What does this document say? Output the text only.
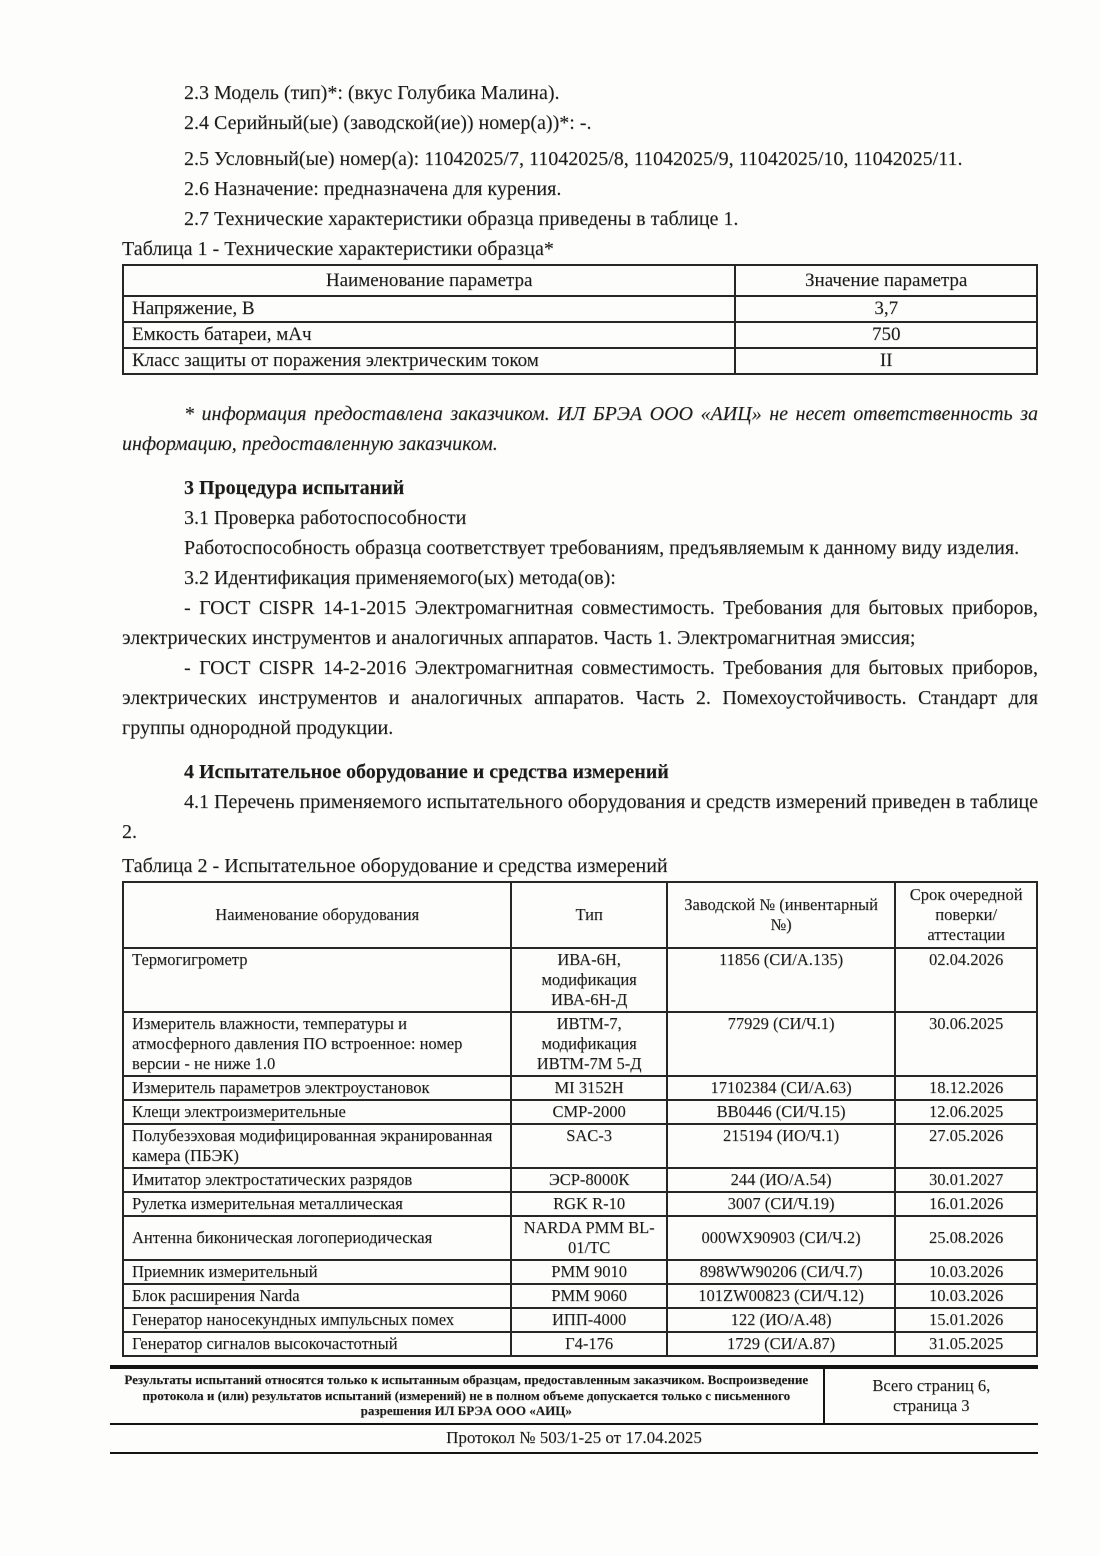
2.3 Модель (тип)*: (вкус Голубика Малина).

2.4 Серийный(ые) (заводской(ие)) номер(а))*: -.

2.5 Условный(ые) номер(а): 11042025/7, 11042025/8, 11042025/9, 11042025/10, 11042025/11.

2.6 Назначение: предназначена для курения.

2.7 Технические характеристики образца приведены в таблице 1.

Таблица 1 - Технические характеристики образца*

Наименование параметра	Значение параметра
Напряжение, В	3,7
Емкость батареи, мАч	750
Класс защиты от поражения электрическим током	II

* информация предоставлена заказчиком. ИЛ БРЭА ООО «АИЦ» не несет ответственность за информацию, предоставленную заказчиком.

3 Процедура испытаний

3.1 Проверка работоспособности

Работоспособность образца соответствует требованиям, предъявляемым к данному виду изделия.

3.2 Идентификация применяемого(ых) метода(ов):

- ГОСТ CISPR 14-1-2015 Электромагнитная совместимость. Требования для бытовых приборов, электрических инструментов и аналогичных аппаратов. Часть 1. Электромагнитная эмиссия;

- ГОСТ CISPR 14-2-2016 Электромагнитная совместимость. Требования для бытовых приборов, электрических инструментов и аналогичных аппаратов. Часть 2. Помехоустойчивость. Стандарт для группы однородной продукции.

4 Испытательное оборудование и средства измерений

4.1 Перечень применяемого испытательного оборудования и средств измерений приведен в таблице 2.

Таблица 2 - Испытательное оборудование и средства измерений

Наименование оборудования	Тип	Заводской № (инвентарный №)	Срок очередной поверки/ аттестации
Термогигрометр	ИВА-6Н, модификация ИВА-6Н-Д	11856 (СИ/А.135)	02.04.2026
Измеритель влажности, температуры и атмосферного давления ПО встроенное: номер версии - не ниже 1.0	ИВТМ-7, модификация ИВТМ-7М 5-Д	77929 (СИ/Ч.1)	30.06.2025
Измеритель параметров электроустановок	MI 3152H	17102384 (СИ/А.63)	18.12.2026
Клещи электроизмерительные	СМР-2000	ВВ0446 (СИ/Ч.15)	12.06.2025
Полубезэховая модифицированная экранированная камера (ПБЭК)	SAC-3	215194 (ИО/Ч.1)	27.05.2026
Имитатор электростатических разрядов	ЭСР-8000К	244 (ИО/А.54)	30.01.2027
Рулетка измерительная металлическая	RGK R-10	3007 (СИ/Ч.19)	16.01.2026
Антенна биконическая логопериодическая	NARDA PMM BL-01/TC	000WX90903 (СИ/Ч.2)	25.08.2026
Приемник измерительный	PMM 9010	898WW90206 (СИ/Ч.7)	10.03.2026
Блок расширения Narda	PMM 9060	101ZW00823 (СИ/Ч.12)	10.03.2026
Генератор наносекундных импульсных помех	ИПП-4000	122 (ИО/А.48)	15.01.2026
Генератор сигналов высокочастотный	Г4-176	1729 (СИ/А.87)	31.05.2025
Результаты испытаний относятся только к испытанным образцам, предоставленным заказчиком. Воспроизведение протокола и (или) результатов испытаний (измерений) не в полном объеме допускается только с письменного разрешения ИЛ БРЭА ООО «АИЦ»
Всего страниц 6, страница 3
Протокол № 503/1-25 от 17.04.2025
